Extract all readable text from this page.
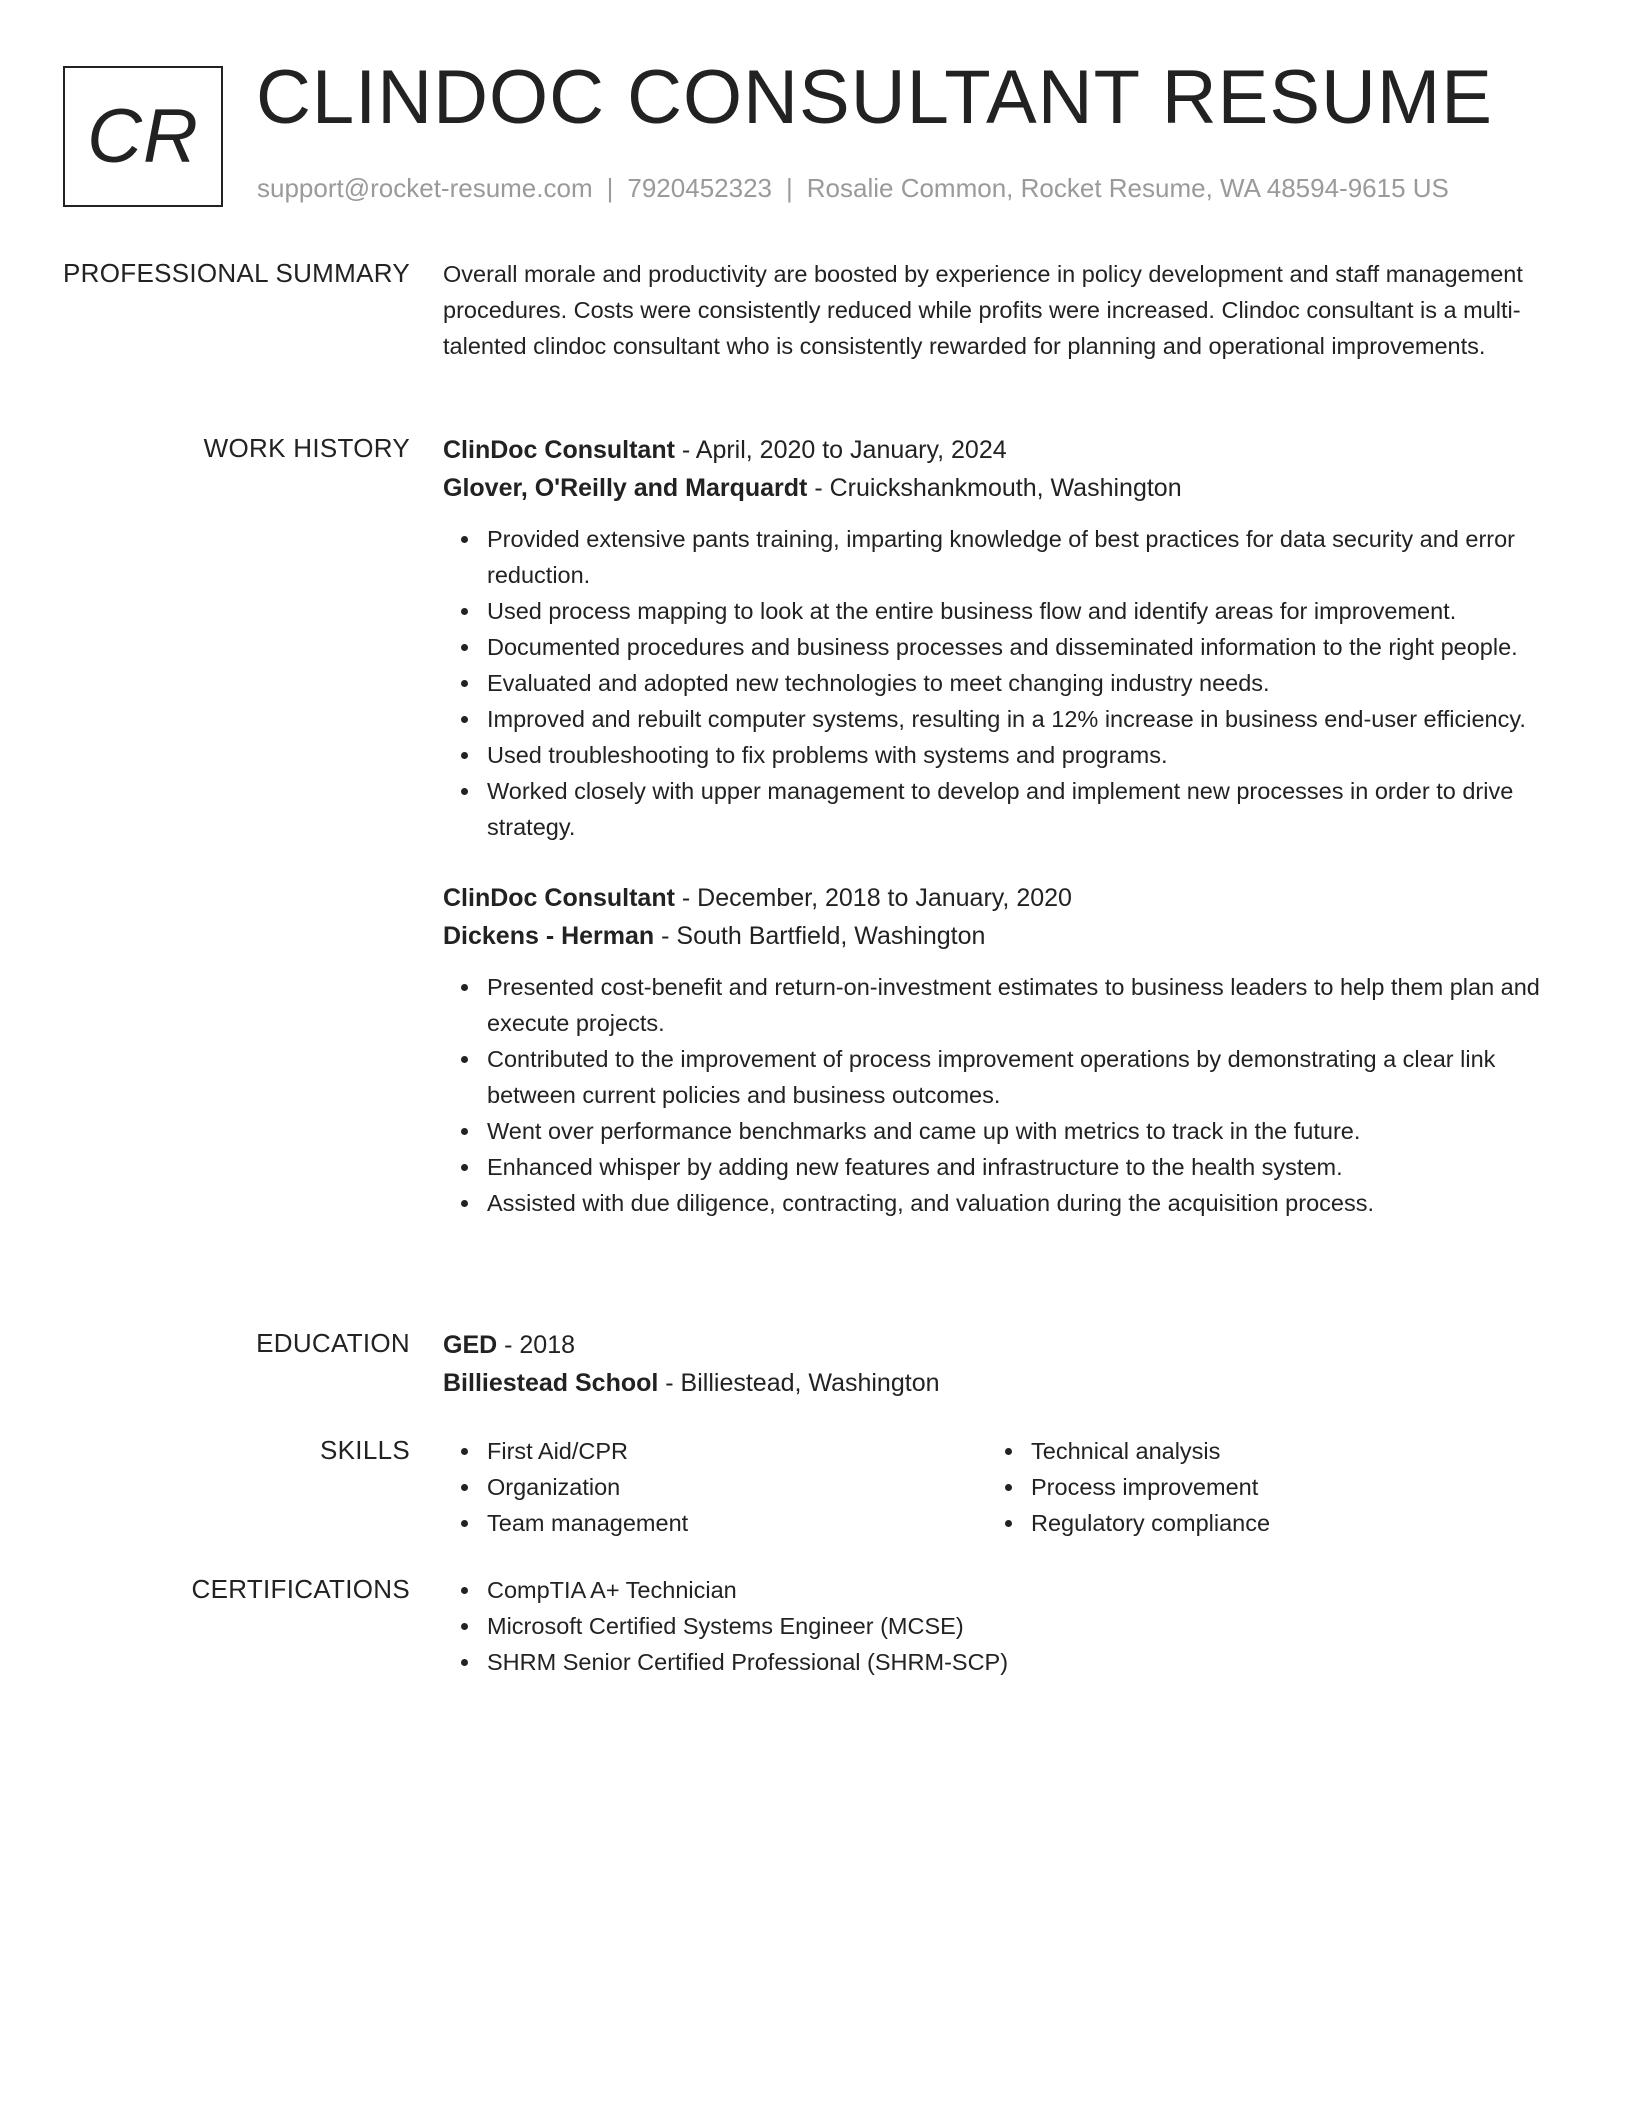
CR CLINDOC CONSULTANT RESUME
support@rocket-resume.com | 7920452323 | Rosalie Common, Rocket Resume, WA 48594-9615 US
PROFESSIONAL SUMMARY Overall morale and productivity are boosted by experience in policy development and staff management procedures. Costs were consistently reduced while profits were increased. Clindoc consultant is a multi-talented clindoc consultant who is consistently rewarded for planning and operational improvements.

WORK HISTORY ClinDoc Consultant - April, 2020 to January, 2024
Glover, O'Reilly and Marquardt - Cruickshankmouth, Washington
Provided extensive pants training, imparting knowledge of best practices for data security and error reduction.
Used process mapping to look at the entire business flow and identify areas for improvement.
Documented procedures and business processes and disseminated information to the right people.
Evaluated and adopted new technologies to meet changing industry needs.
Improved and rebuilt computer systems, resulting in a 12% increase in business end-user efficiency.
Used troubleshooting to fix problems with systems and programs.
Worked closely with upper management to develop and implement new processes in order to drive strategy.
ClinDoc Consultant - December, 2018 to January, 2020
Dickens - Herman - South Bartfield, Washington
Presented cost-benefit and return-on-investment estimates to business leaders to help them plan and execute projects.
Contributed to the improvement of process improvement operations by demonstrating a clear link between current policies and business outcomes.
Went over performance benchmarks and came up with metrics to track in the future.
Enhanced whisper by adding new features and infrastructure to the health system.
Assisted with due diligence, contracting, and valuation during the acquisition process.
EDUCATION GED - 2018
Billiestead School - Billiestead, Washington
SKILLS	First Aid/CPR
Organization
Team management
Technical analysis
Process improvement
Regulatory compliance
CERTIFICATIONS	CompTIA A+ Technician
Microsoft Certified Systems Engineer (MCSE)
SHRM Senior Certified Professional (SHRM-SCP)
